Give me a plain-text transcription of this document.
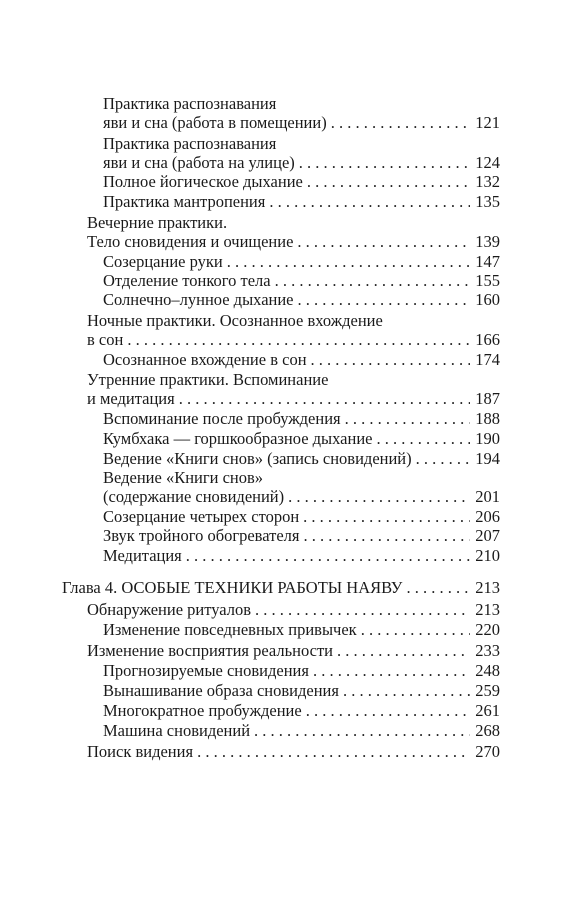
Практика распознавания
яви и сна (работа в помещении) . . .	121
Практика распознавания
яви и сна (работа на улице) . . .	124
Полное йогическое дыхание . . .	132
Практика мантропения . . .	135
Вечерние практики.
Тело сновидения и очищение . . .	139
Созерцание руки . . .	147
Отделение тонкого тела . . .	155
Солнечно–лунное дыхание . . .	160
Ночные практики. Осознанное вхождение
в сон . . .	166
Осознанное вхождение в сон . . .	174
Утренние практики. Вспоминание
и медитация . . .	187
Вспоминание после пробуждения . . .	188
Кумбхака — горшкообразное дыхание . . .	190
Ведение «Книги снов» (запись сновидений) . . .	194
Ведение «Книги снов»
(содержание сновидений) . . .	201
Созерцание четырех сторон . . .	206
Звук тройного обогревателя . . .	207
Медитация . . .	210
Глава 4. ОСОБЫЕ ТЕХНИКИ РАБОТЫ НАЯВУ . . .	213
Обнаружение ритуалов . . .	213
Изменение повседневных привычек . . .	220
Изменение восприятия реальности . . .	233
Прогнозируемые сновидения . . .	248
Вынашивание образа сновидения . . .	259
Многократное пробуждение . . .	261
Машина сновидений . . .	268
Поиск видения . . .	270
